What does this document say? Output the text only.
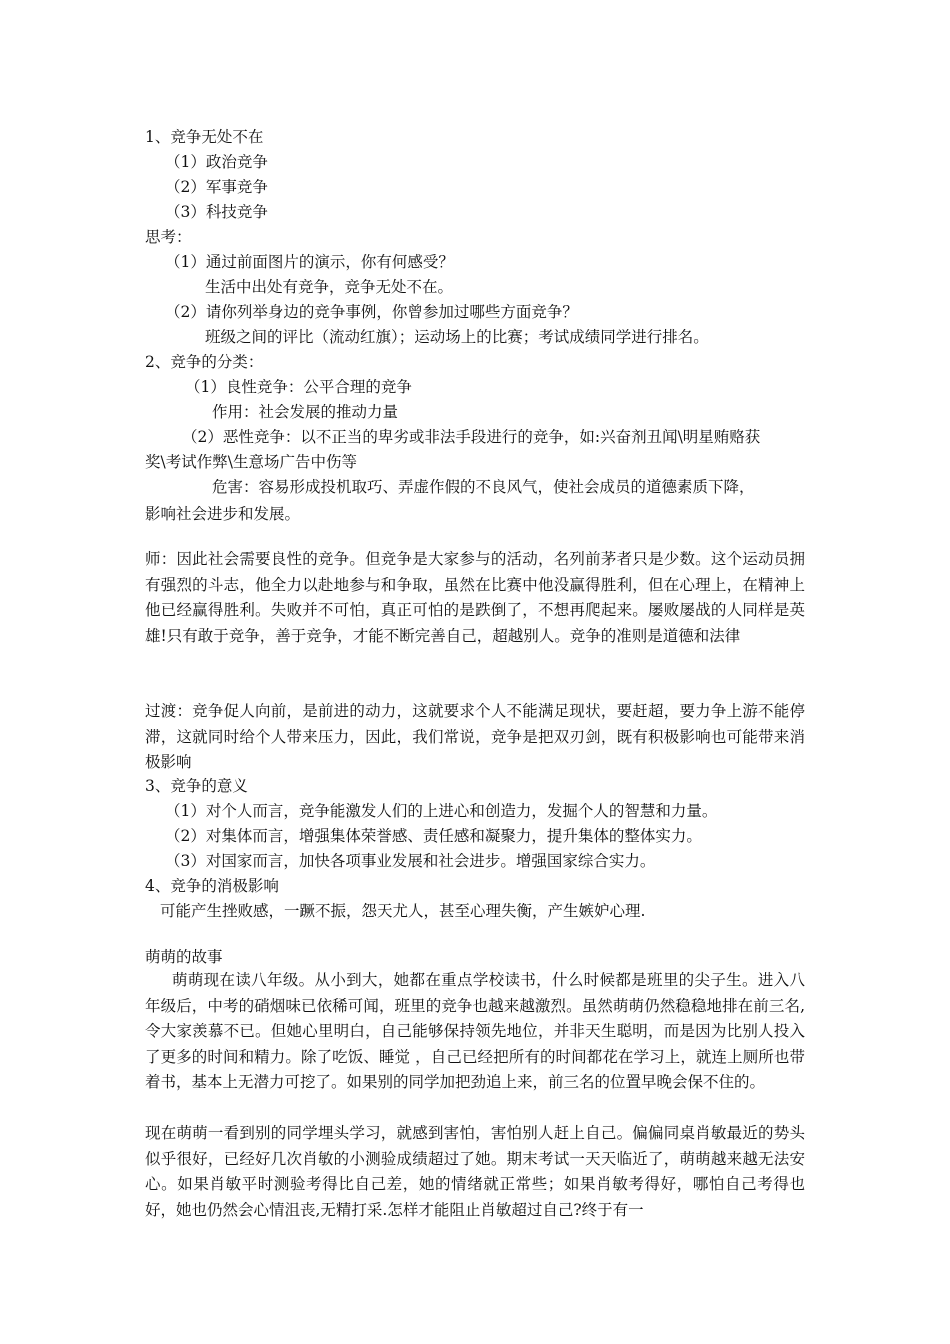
1、竞争无处不在
（1）政治竞争
（2）军事竞争
（3）科技竞争
思考：
（1）通过前面图片的演示，你有何感受？
生活中出处有竞争，竞争无处不在。
（2）请你列举身边的竞争事例，你曾参加过哪些方面竞争？
班级之间的评比（流动红旗）；运动场上的比赛；考试成绩同学进行排名。
2、竞争的分类：
（1）良性竞争：公平合理的竞争
作用：社会发展的推动力量
（2）恶性竞争：以不正当的卑劣或非法手段进行的竞争，如:兴奋剂丑闻\明星贿赂获
奖\考试作弊\生意场广告中伤等
危害：容易形成投机取巧、弄虚作假的不良风气，使社会成员的道德素质下降，
影响社会进步和发展。
师：因此社会需要良性的竞争。但竞争是大家参与的活动，名列前茅者只是少数。这个运动员拥有强烈的斗志，他全力以赴地参与和争取，虽然在比赛中他没赢得胜利，但在心理上，在精神上他已经赢得胜利。失败并不可怕，真正可怕的是跌倒了，不想再爬起来。屡败屡战的人同样是英雄!只有敢于竞争，善于竞争，才能不断完善自己，超越别人。竞争的准则是道德和法律
过渡：竞争促人向前，是前进的动力，这就要求个人不能满足现状，要赶超，要力争上游不能停滞，这就同时给个人带来压力，因此，我们常说，竞争是把双刃剑，既有积极影响也可能带来消极影响
3、竞争的意义
（1）对个人而言，竞争能激发人们的上进心和创造力，发掘个人的智慧和力量。
（2）对集体而言，增强集体荣誉感、责任感和凝聚力，提升集体的整体实力。
（3）对国家而言，加快各项事业发展和社会进步。增强国家综合实力。
4、竞争的消极影响
可能产生挫败感，一蹶不振，怨天尤人，甚至心理失衡，产生嫉妒心理.
萌萌的故事
萌萌现在读八年级。从小到大，她都在重点学校读书，什么时候都是班里的尖子生。进入八年级后，中考的硝烟味已依稀可闻，班里的竞争也越来越激烈。虽然萌萌仍然稳稳地排在前三名,令大家羡慕不已。但她心里明白，自己能够保持领先地位，并非天生聪明，而是因为比别人投入了更多的时间和精力。除了吃饭、睡觉 ，自己已经把所有的时间都花在学习上，就连上厕所也带着书，基本上无潜力可挖了。如果别的同学加把劲追上来，前三名的位置早晚会保不住的。
现在萌萌一看到别的同学埋头学习，就感到害怕，害怕别人赶上自己。偏偏同桌肖敏最近的势头似乎很好，已经好几次肖敏的小测验成绩超过了她。期末考试一天天临近了，萌萌越来越无法安心。如果肖敏平时测验考得比自己差，她的情绪就正常些；如果肖敏考得好，哪怕自己考得也好，她也仍然会心情沮丧,无精打采.怎样才能阻止肖敏超过自己?终于有一
